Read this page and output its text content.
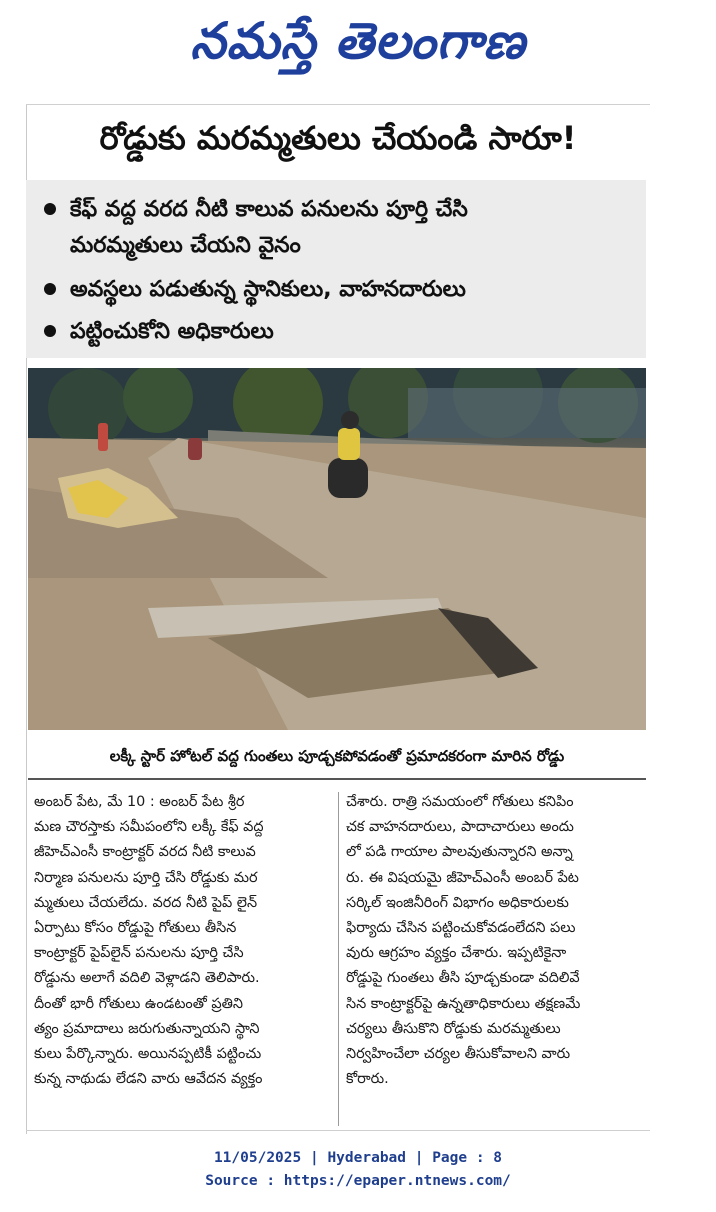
నమస్తే తెలంగాణ
రోడ్డుకు మరమ్మతులు చేయండి సారూ!
కేఫ్ వద్ద వరద నీటి కాలువ పనులను పూర్తి చేసి
మరమ్మతులు చేయని వైనం
అవస్థలు పడుతున్న స్థానికులు, వాహనదారులు
పట్టించుకోని అధికారులు
లక్కీ స్టార్ హోటల్ వద్ద గుంతలు పూడ్చకపోవడంతో ప్రమాదకరంగా మారిన రోడ్డు

అంబర్ పేట, మే 10 : అంబర్ పేట శ్రీర

మణ చౌరస్తాకు సమీపంలోని లక్కీ కేఫ్ వద్ద

జీహెచ్ఎంసీ కాంట్రాక్టర్ వరద నీటి కాలువ

నిర్మాణ పనులను పూర్తి చేసి రోడ్డుకు మర

మ్మతులు చేయలేదు. వరద నీటి పైప్ లైన్

ఏర్పాటు కోసం రోడ్డుపై గోతులు తీసిన

కాంట్రాక్టర్ పైప్‌లైన్ పనులను పూర్తి చేసి

రోడ్డును అలాగే వదిలి వెళ్లాడని తెలిపారు.

దీంతో భారీ గోతులు ఉండటంతో ప్రతిని

త్యం ప్రమాదాలు జరుగుతున్నాయని స్థాని

కులు పేర్కొన్నారు. అయినప్పటికీ పట్టించు

కున్న నాథుడు లేడని వారు ఆవేదన వ్యక్తం

చేశారు. రాత్రి సమయంలో గోతులు కనిపిం

చక వాహనదారులు, పాదాచారులు అందు

లో పడి గాయాల పాలవుతున్నారని అన్నా

రు. ఈ విషయమై జీహెచ్ఎంసీ అంబర్ పేట

సర్కిల్ ఇంజినీరింగ్ విభాగం అధికారులకు

ఫిర్యాదు చేసిన పట్టించుకోవడంలేదని పలు

వురు ఆగ్రహం వ్యక్తం చేశారు. ఇప్పటికైనా

రోడ్డుపై గుంతలు తీసి పూడ్చకుండా వదిలివే

సిన కాంట్రాక్టర్‌పై ఉన్నతాధికారులు తక్షణమే

చర్యలు తీసుకొని రోడ్డుకు మరమ్మతులు

నిర్వహించేలా చర్యల తీసుకోవాలని వారు

కోరారు.

11/05/2025 | Hyderabad | Page : 8
Source : https://epaper.ntnews.com/
